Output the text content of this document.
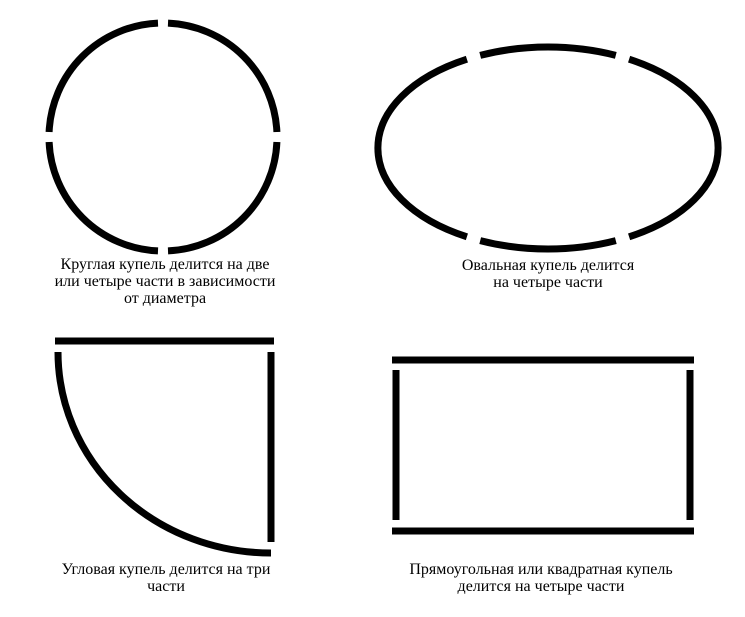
Круглая купель делится на две
или четыре части в зависимости
от диаметра
Овальная купель делится
на четыре части
Угловая купель делится на три
части
Прямоугольная или квадратная купель
делится на четыре части
